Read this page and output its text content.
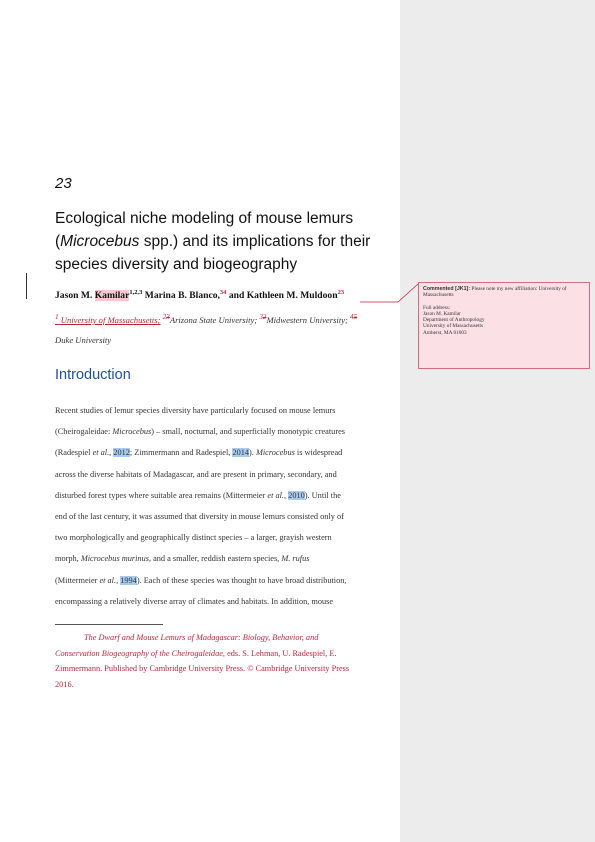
23
Ecological niche modeling of mouse lemurs
(Microcebus spp.) and its implications for their
species diversity and biogeography
Jason M. Kamilar$^{1,2,3}$ Marina B. Blanco,$^{34}$ and Kathleen M. Muldoon$^{23}$
$^1$ University of Massachusetts; $^{23}$Arizona State University; $^{32}$Midwestern University; $^{45}$
Duke University
Introduction
Recent studies of lemur species diversity have particularly focused on mouse lemurs
(Cheirogaleidae: Microcebus) – small, nocturnal, and superficially monotypic creatures
(Radespiel et al., 2012; Zimmermann and Radespiel, 2014). Microcebus is widespread
across the diverse habitats of Madagascar, and are present in primary, secondary, and
disturbed forest types where suitable area remains (Mittermeier et al., 2010). Until the
end of the last century, it was assumed that diversity in mouse lemurs consisted only of
two morphologically and geographically distinct species – a larger, grayish western
morph, Microcebus murinus, and a smaller, reddish eastern species, M. rufus
(Mittermeier et al., 1994). Each of these species was thought to have broad distribution,
encompassing a relatively diverse array of climates and habitats. In addition, mouse
The Dwarf and Mouse Lemurs of Madagascar: Biology, Behavior, and
Conservation Biogeography of the Cheirogaleidae, eds. S. Lehman, U. Radespiel, E.
Zimmermann. Published by Cambridge University Press. © Cambridge University Press
2016.
Commented [JK1]: Please note my new affiliation: University of Massachusetts
Full address:
Jason M. Kamilar
Department of Anthropology
University of Massachusetts
Amherst, MA 01003
